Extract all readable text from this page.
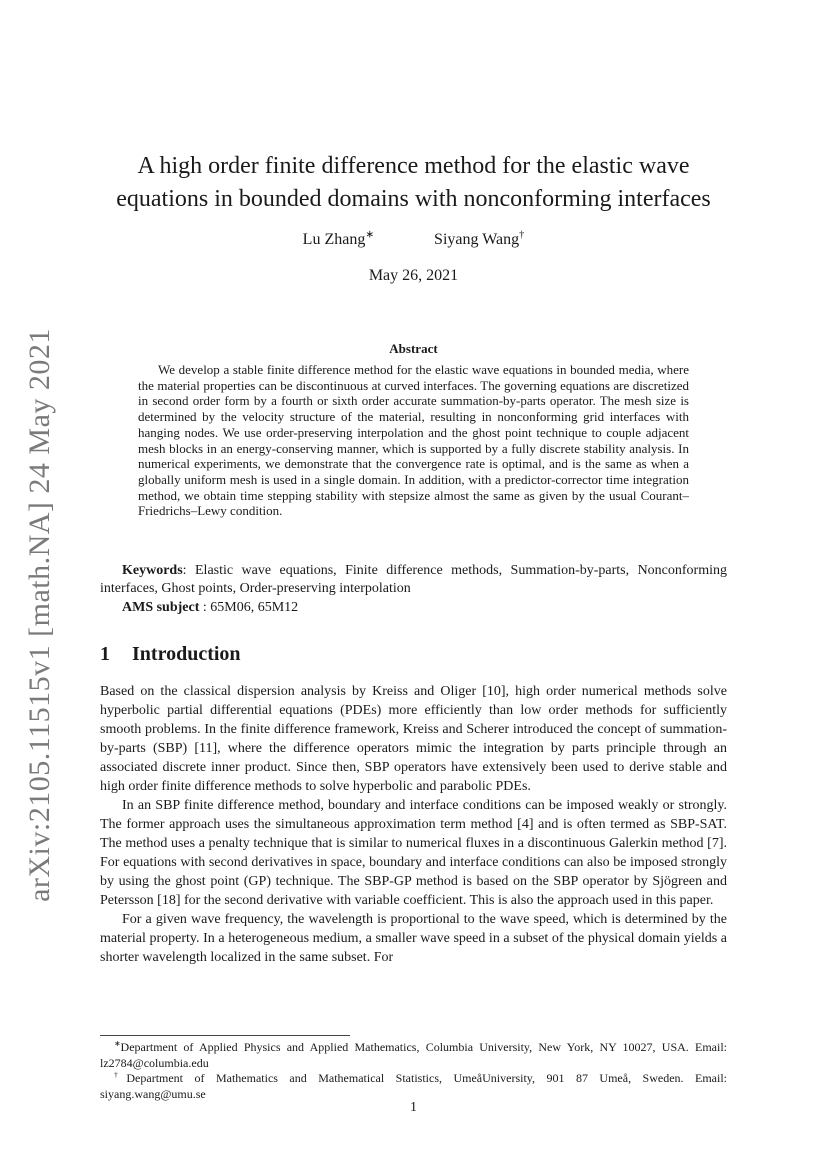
arXiv:2105.11515v1 [math.NA] 24 May 2021
A high order finite difference method for the elastic wave equations in bounded domains with nonconforming interfaces
Lu Zhang∗	Siyang Wang†
May 26, 2021
Abstract

We develop a stable finite difference method for the elastic wave equations in bounded media, where the material properties can be discontinuous at curved interfaces. The governing equations are discretized in second order form by a fourth or sixth order accurate summation-by-parts operator. The mesh size is determined by the velocity structure of the material, resulting in nonconforming grid interfaces with hanging nodes. We use order-preserving interpolation and the ghost point technique to couple adjacent mesh blocks in an energy-conserving manner, which is supported by a fully discrete stability analysis. In numerical experiments, we demonstrate that the convergence rate is optimal, and is the same as when a globally uniform mesh is used in a single domain. In addition, with a predictor-corrector time integration method, we obtain time stepping stability with stepsize almost the same as given by the usual Courant–Friedrichs–Lewy condition.

Keywords: Elastic wave equations, Finite difference methods, Summation-by-parts, Nonconforming interfaces, Ghost points, Order-preserving interpolation

AMS subject : 65M06, 65M12
1 Introduction

Based on the classical dispersion analysis by Kreiss and Oliger [10], high order numerical methods solve hyperbolic partial differential equations (PDEs) more efficiently than low order methods for sufficiently smooth problems. In the finite difference framework, Kreiss and Scherer introduced the concept of summation-by-parts (SBP) [11], where the difference operators mimic the integration by parts principle through an associated discrete inner product. Since then, SBP operators have extensively been used to derive stable and high order finite difference methods to solve hyperbolic and parabolic PDEs.

In an SBP finite difference method, boundary and interface conditions can be imposed weakly or strongly. The former approach uses the simultaneous approximation term method [4] and is often termed as SBP-SAT. The method uses a penalty technique that is similar to numerical fluxes in a discontinuous Galerkin method [7]. For equations with second derivatives in space, boundary and interface conditions can also be imposed strongly by using the ghost point (GP) technique. The SBP-GP method is based on the SBP operator by Sjögreen and Petersson [18] for the second derivative with variable coefficient. This is also the approach used in this paper.

For a given wave frequency, the wavelength is proportional to the wave speed, which is determined by the material property. In a heterogeneous medium, a smaller wave speed in a subset of the physical domain yields a shorter wavelength localized in the same subset. For

∗Department of Applied Physics and Applied Mathematics, Columbia University, New York, NY 10027, USA. Email: lz2784@columbia.edu

†Department of Mathematics and Mathematical Statistics, UmeåUniversity, 901 87 Umeå, Sweden. Email: siyang.wang@umu.se

1
